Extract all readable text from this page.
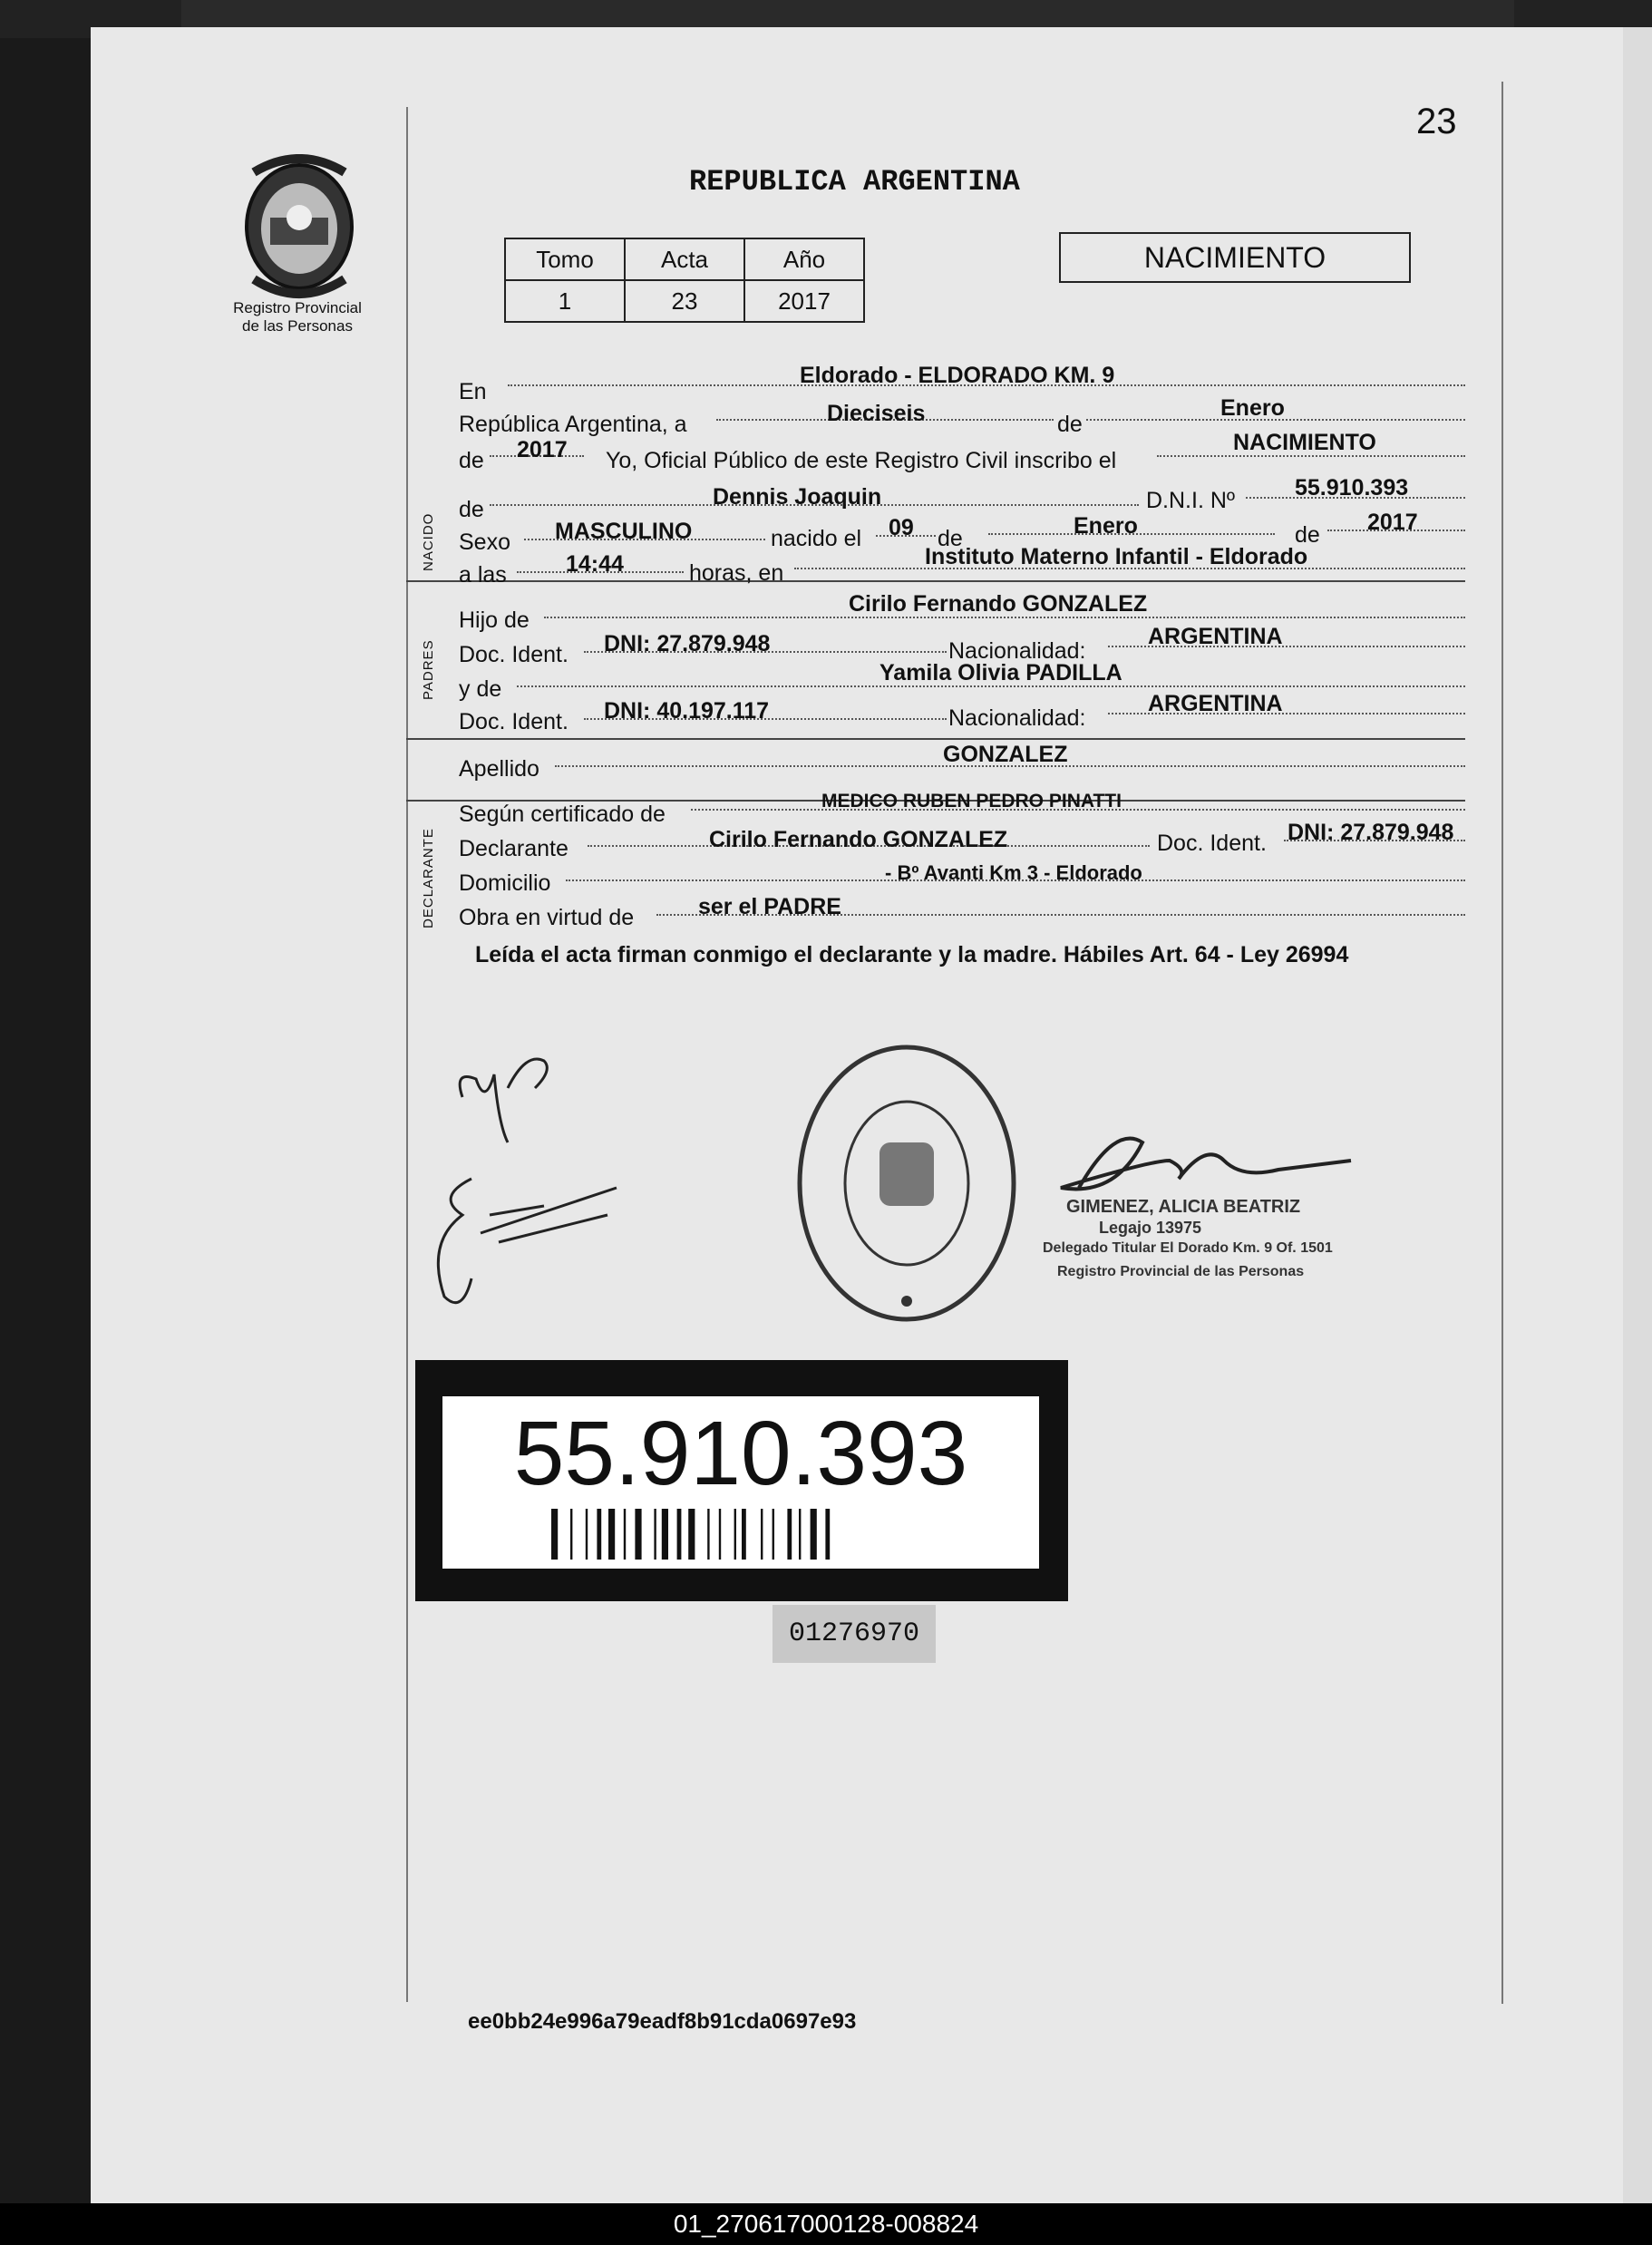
23
REPUBLICA ARGENTINA
Registro Provincial
de las Personas
Tomo	Acta	Año
1	23	2017
NACIMIENTO
NACIDO
PADRES
DECLARANTE
En
Eldorado - ELDORADO KM. 9
República Argentina, a	Dieciseis	de
Enero
de 2017 Yo, Oficial Público de este Registro Civil inscribo el
NACIMIENTO
de	Dennis Joaquin	D.N.I. Nº	55.910.393
Sexo MASCULINO	nacido el 09 de	Enero	de 2017
a las	14:44	horas, en
Instituto Materno Infantil - Eldorado
Hijo de
Cirilo Fernando GONZALEZ
Doc. Ident. DNI: 27.879.948	Nacionalidad:
ARGENTINA
y de
Yamila Olivia PADILLA
Doc. Ident. DNI: 40.197.117	Nacionalidad:
ARGENTINA
Apellido
GONZALEZ
Según certificado de
MEDICO RUBEN PEDRO PINATTI
Declarante	Cirilo Fernando GONZALEZ	Doc. Ident. DNI: 27.879.948
Domicilio	- Bº Avanti Km 3 - Eldorado
Obra en virtud de	ser el PADRE
Leída el acta firman conmigo el declarante y la madre. Hábiles Art. 64 - Ley 26994
GIMENEZ, ALICIA BEATRIZ
Legajo 13975
Delegado Titular El Dorado Km. 9 Of. 1501
Registro Provincial de las Personas
55.910.393
01276970
ee0bb24e996a79eadf8b91cda0697e93
01_270617000128-008824
